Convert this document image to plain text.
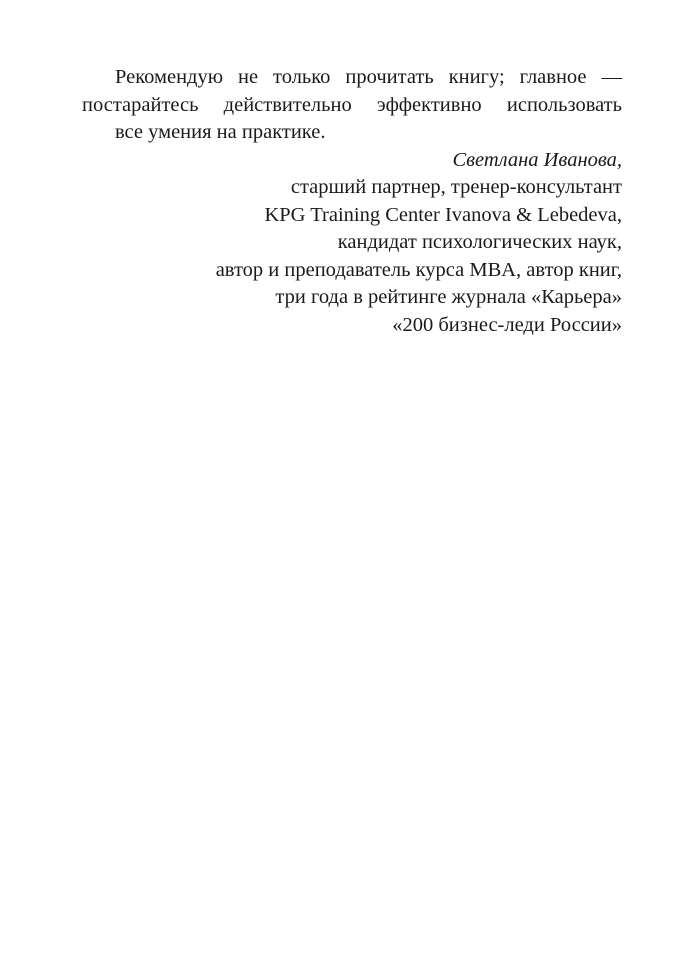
Рекомендую не только прочитать книгу; главное —
постарайтесь действительно эффективно использовать
все умения на практике.
Светлана Иванова,
старший партнер, тренер-консультант
KPG Training Center Ivanova & Lebedeva,
кандидат психологических наук,
автор и преподаватель курса MBA, автор книг,
три года в рейтинге журнала «Карьера»
«200 бизнес-леди России»
